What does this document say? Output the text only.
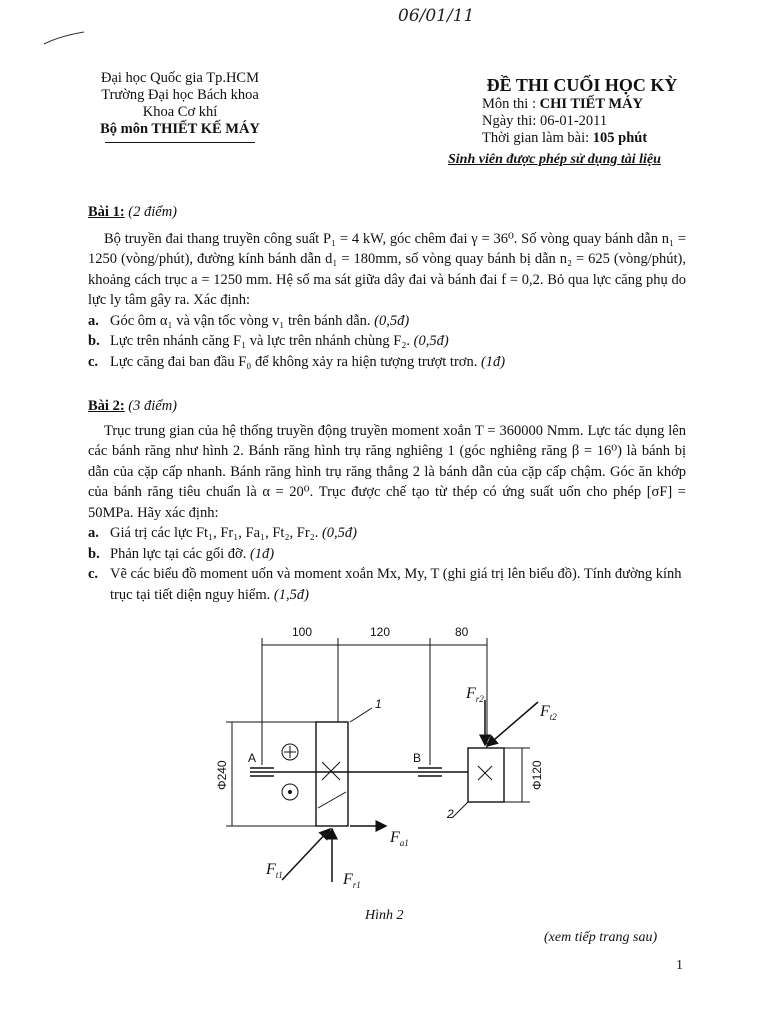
06/01/11
Đại học Quốc gia Tp.HCM
Trường Đại học Bách khoa
Khoa Cơ khí
Bộ môn THIẾT KẾ MÁY
ĐỀ THI CUỐI HỌC KỲ
Môn thi : CHI TIẾT MÁY
Ngày thi: 06-01-2011
Thời gian làm bài: 105 phút
Sinh viên được phép sử dụng tài liệu
Bài 1: (2 điểm)
Bộ truyền đai thang truyền công suất P₁ = 4 kW, góc chêm đai γ = 36⁰. Số vòng quay bánh dẫn n₁ = 1250 (vòng/phút), đường kính bánh dẫn d₁ = 180mm, số vòng quay bánh bị dẫn n₂ = 625 (vòng/phút), khoảng cách trục a = 1250 mm. Hệ số ma sát giữa dây đai và bánh đai f = 0,2. Bỏ qua lực căng phụ do lực ly tâm gây ra. Xác định:
a. Góc ôm α₁ và vận tốc vòng v₁ trên bánh dẫn. (0,5đ)
b. Lực trên nhánh căng F₁ và lực trên nhánh chùng F₂. (0,5đ)
c. Lực căng đai ban đầu F₀ để không xảy ra hiện tượng trượt trơn. (1đ)
Bài 2: (3 điểm)
Trục trung gian của hệ thống truyền động truyền moment xoắn T = 360000 Nmm. Lực tác dụng lên các bánh răng như hình 2. Bánh răng hình trụ răng nghiêng 1 (góc nghiêng răng β = 16⁰) là bánh bị dẫn của cặp cấp nhanh. Bánh răng hình trụ răng thẳng 2 là bánh dẫn của cặp cấp chậm. Góc ăn khớp của bánh răng tiêu chuẩn là α = 20⁰. Trục được chế tạo từ thép có ứng suất uốn cho phép [σF] = 50MPa. Hãy xác định:
a. Giá trị các lực Ft₁, Fr₁, Fa₁, Ft₂, Fr₂. (0,5đ)
b. Phản lực tại các gối đỡ. (1đ)
c. Vẽ các biểu đồ moment uốn và moment xoắn Mx, My, T (ghi giá trị lên biểu đồ). Tính đường kính trục tại tiết diện nguy hiểm. (1,5đ)
100	120	80
Φ240	Φ120
A	B
1
2
$F_{r2}$
$F_{t2}$
$F_{a1}$
$F_{t1}$	$F_{r1}$
Hình 2
(xem tiếp trang sau)
1
